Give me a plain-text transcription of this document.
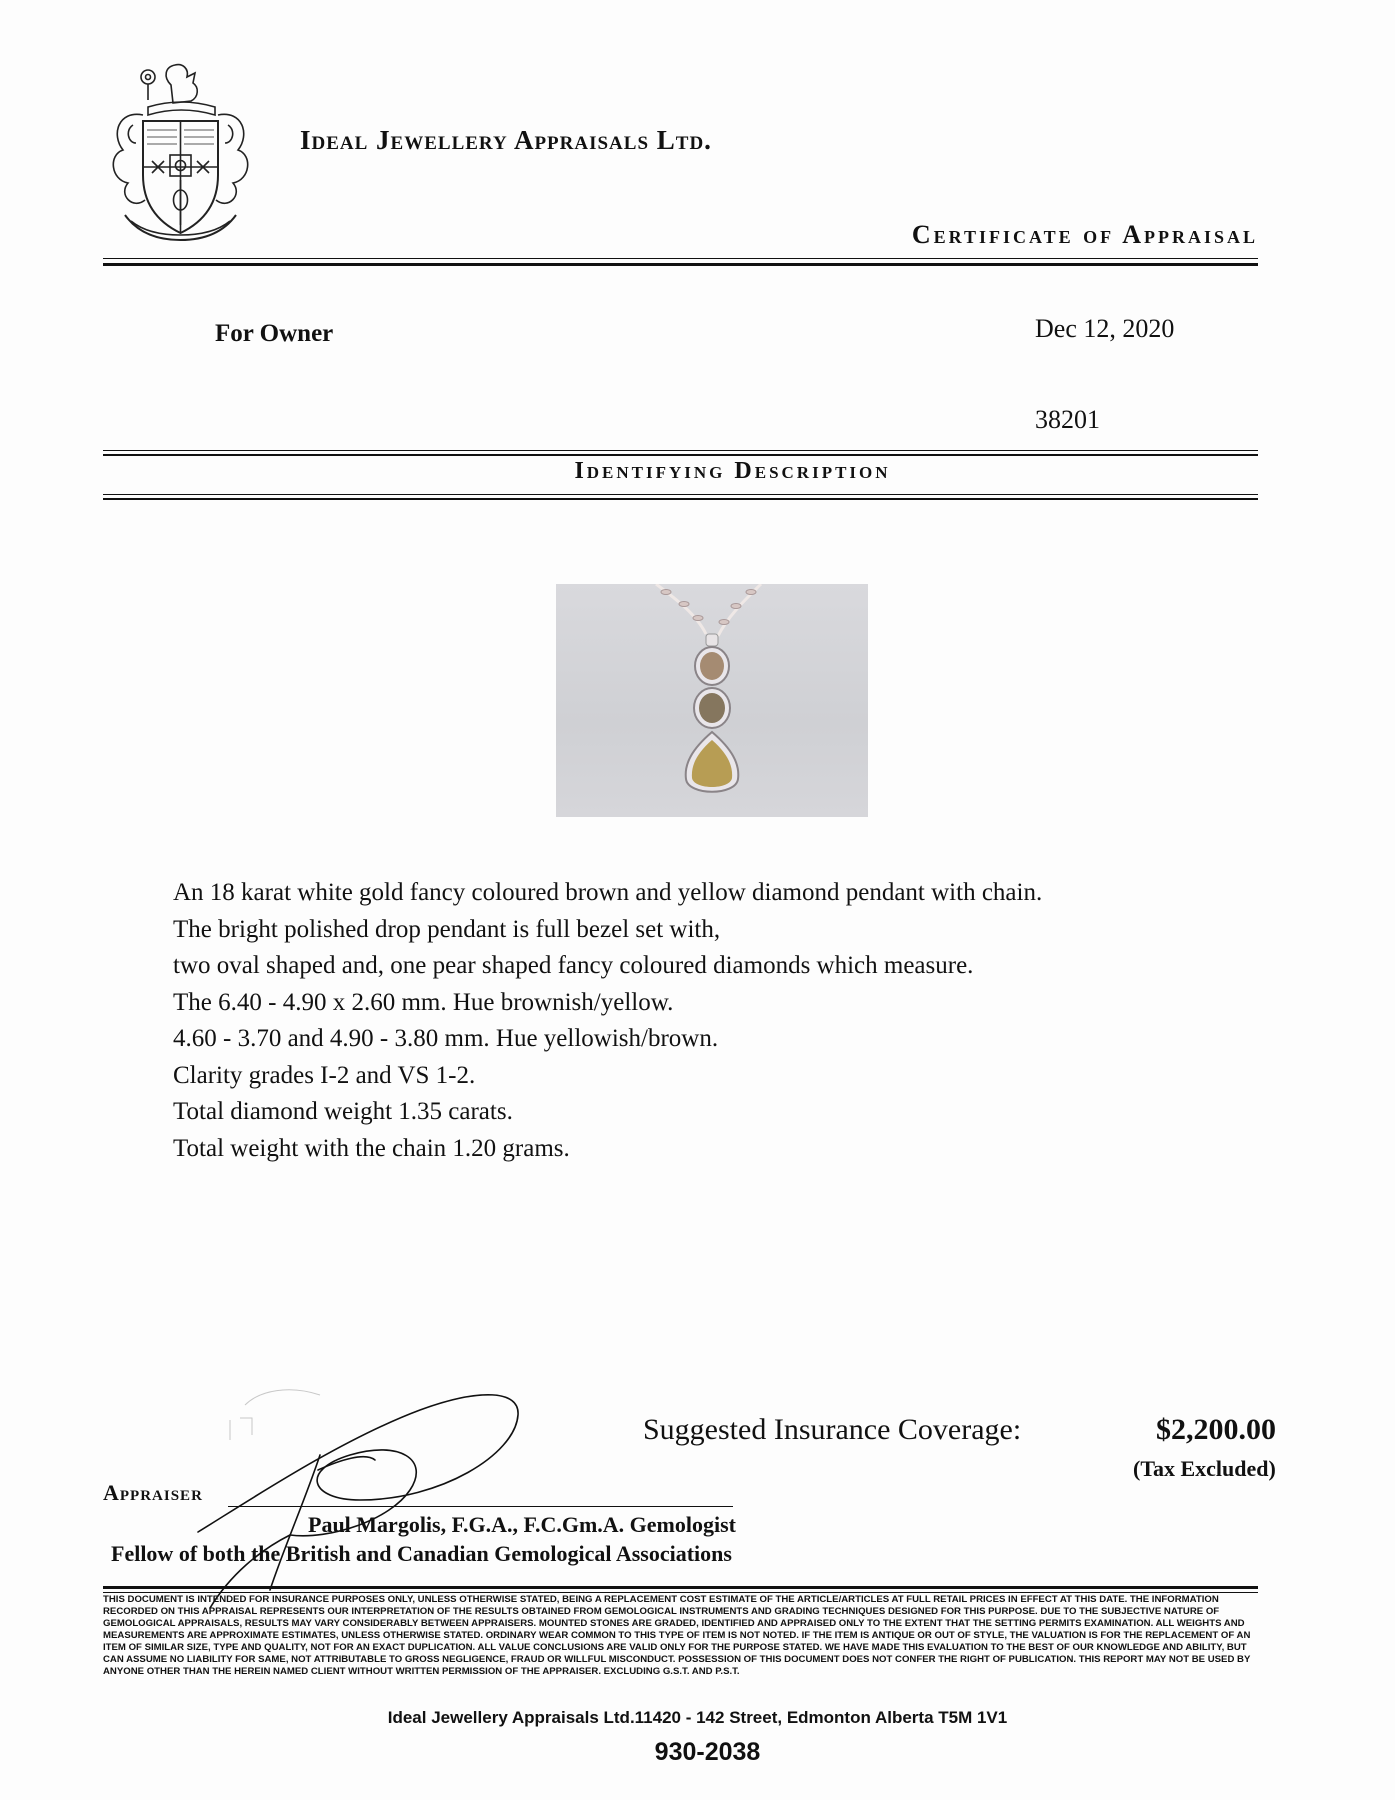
Ideal Jewellery Appraisals Ltd.
Certificate of Appraisal
For Owner	Dec 12, 2020
38201
Identifying Description
An 18 karat white gold fancy coloured brown and yellow diamond pendant with chain.
The bright polished drop pendant is full bezel set with,
two oval shaped and, one pear shaped fancy coloured diamonds which measure.
The 6.40 - 4.90 x 2.60 mm. Hue brownish/yellow.
4.60 - 3.70 and 4.90 - 3.80 mm. Hue yellowish/brown.
Clarity grades I-2 and VS 1-2.
Total diamond weight 1.35 carats.
Total weight with the chain 1.20 grams.
Suggested Insurance Coverage:	$2,200.00
(Tax Excluded)
Appraiser
Paul Margolis, F.G.A., F.C.Gm.A. Gemologist
Fellow of both the British and Canadian Gemological Associations
THIS DOCUMENT IS INTENDED FOR INSURANCE PURPOSES ONLY, UNLESS OTHERWISE STATED, BEING A REPLACEMENT COST ESTIMATE OF THE ARTICLE/ARTICLES AT FULL RETAIL PRICES IN EFFECT AT THIS DATE. THE INFORMATION RECORDED ON THIS APPRAISAL REPRESENTS OUR INTERPRETATION OF THE RESULTS OBTAINED FROM GEMOLOGICAL INSTRUMENTS AND GRADING TECHNIQUES DESIGNED FOR THIS PURPOSE. DUE TO THE SUBJECTIVE NATURE OF GEMOLOGICAL APPRAISALS, RESULTS MAY VARY CONSIDERABLY BETWEEN APPRAISERS. MOUNTED STONES ARE GRADED, IDENTIFIED AND APPRAISED ONLY TO THE EXTENT THAT THE SETTING PERMITS EXAMINATION. ALL WEIGHTS AND MEASUREMENTS ARE APPROXIMATE ESTIMATES, UNLESS OTHERWISE STATED. ORDINARY WEAR COMMON TO THIS TYPE OF ITEM IS NOT NOTED. IF THE ITEM IS ANTIQUE OR OUT OF STYLE, THE VALUATION IS FOR THE REPLACEMENT OF AN ITEM OF SIMILAR SIZE, TYPE AND QUALITY, NOT FOR AN EXACT DUPLICATION. ALL VALUE CONCLUSIONS ARE VALID ONLY FOR THE PURPOSE STATED. WE HAVE MADE THIS EVALUATION TO THE BEST OF OUR KNOWLEDGE AND ABILITY, BUT CAN ASSUME NO LIABILITY FOR SAME, NOT ATTRIBUTABLE TO GROSS NEGLIGENCE, FRAUD OR WILLFUL MISCONDUCT. POSSESSION OF THIS DOCUMENT DOES NOT CONFER THE RIGHT OF PUBLICATION. THIS REPORT MAY NOT BE USED BY ANYONE OTHER THAN THE HEREIN NAMED CLIENT WITHOUT WRITTEN PERMISSION OF THE APPRAISER. EXCLUDING G.S.T. AND P.S.T.
Ideal Jewellery Appraisals Ltd.11420 - 142 Street, Edmonton Alberta T5M 1V1
930-2038
